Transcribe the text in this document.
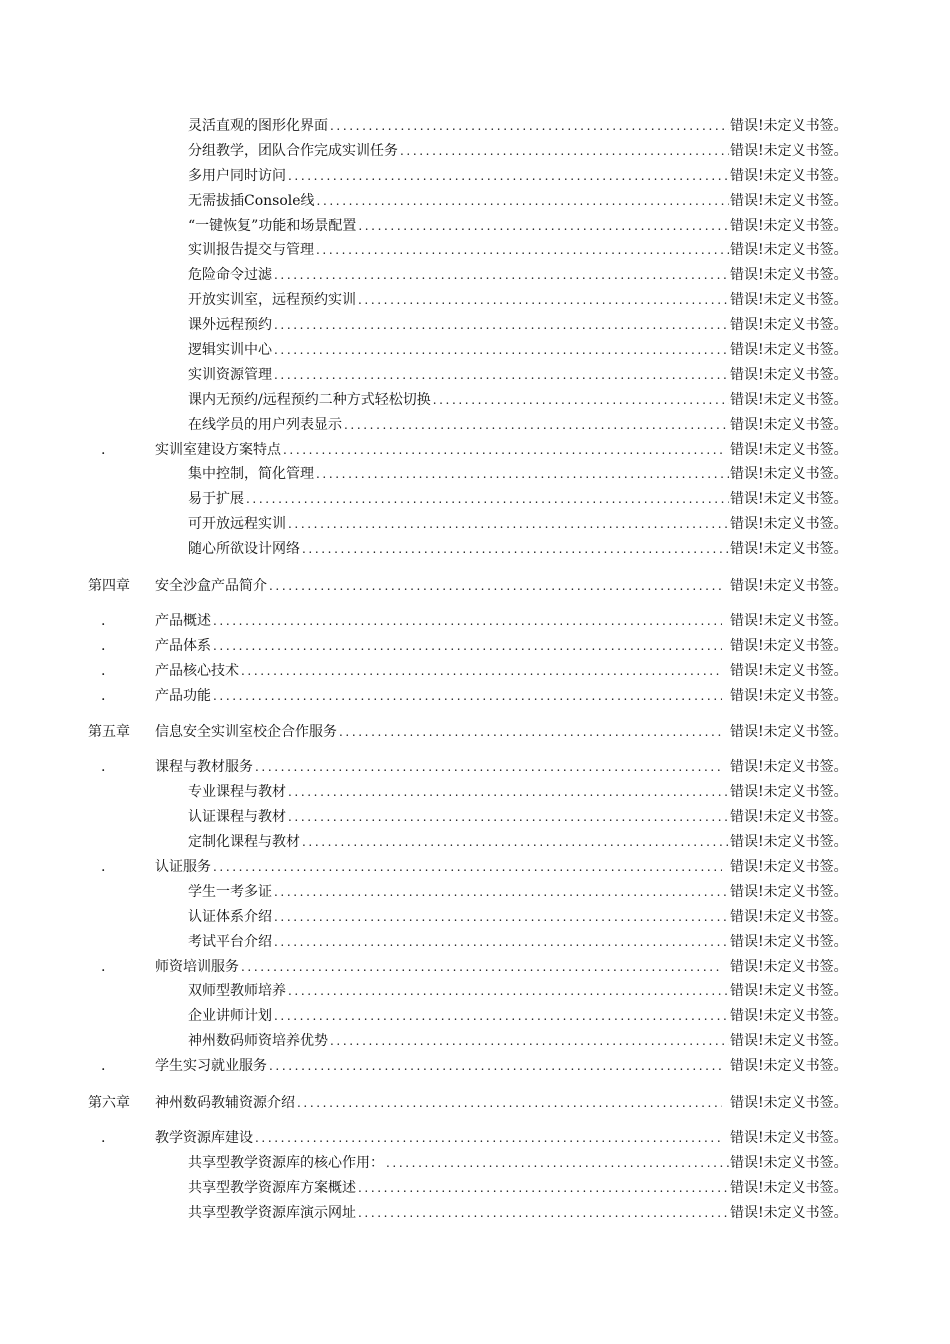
灵活直观的图形化界面 .....	错误!未定义书签。
分组教学，团队合作完成实训任务 .....	错误!未定义书签。
多用户同时访问 .....	错误!未定义书签。
无需拔插Console线 .....	错误!未定义书签。
“一键恢复”功能和场景配置 .....	错误!未定义书签。
实训报告提交与管理 .....	错误!未定义书签。
危险命令过滤 .....	错误!未定义书签。
开放实训室，远程预约实训 .....	错误!未定义书签。
课外远程预约 .....	错误!未定义书签。
逻辑实训中心 .....	错误!未定义书签。
实训资源管理 .....	错误!未定义书签。
课内无预约/远程预约二种方式轻松切换 .....	错误!未定义书签。
在线学员的用户列表显示 .....	错误!未定义书签。
.	实训室建设方案特点 .....	错误!未定义书签。
集中控制，简化管理 .....	错误!未定义书签。
易于扩展 .....	错误!未定义书签。
可开放远程实训 .....	错误!未定义书签。
随心所欲设计网络 .....	错误!未定义书签。
第四章 安全沙盒产品简介 .....	错误!未定义书签。
.	产品概述 .....	错误!未定义书签。
.	产品体系 .....	错误!未定义书签。
.	产品核心技术 .....	错误!未定义书签。
.	产品功能 .....	错误!未定义书签。
第五章 信息安全实训室校企合作服务 .....	错误!未定义书签。
.	课程与教材服务 .....	错误!未定义书签。
专业课程与教材 .....	错误!未定义书签。
认证课程与教材 .....	错误!未定义书签。
定制化课程与教材 .....	错误!未定义书签。
.	认证服务 .....	错误!未定义书签。
学生一考多证 .....	错误!未定义书签。
认证体系介绍 .....	错误!未定义书签。
考试平台介绍 .....	错误!未定义书签。
.	师资培训服务 .....	错误!未定义书签。
双师型教师培养 .....	错误!未定义书签。
企业讲师计划 .....	错误!未定义书签。
神州数码师资培养优势 .....	错误!未定义书签。
.	学生实习就业服务 .....	错误!未定义书签。
第六章 神州数码教辅资源介绍 .....	错误!未定义书签。
.	教学资源库建设 .....	错误!未定义书签。
共享型教学资源库的核心作用： .....	错误!未定义书签。
共享型教学资源库方案概述 .....	错误!未定义书签。
共享型教学资源库演示网址 .....	错误!未定义书签。
